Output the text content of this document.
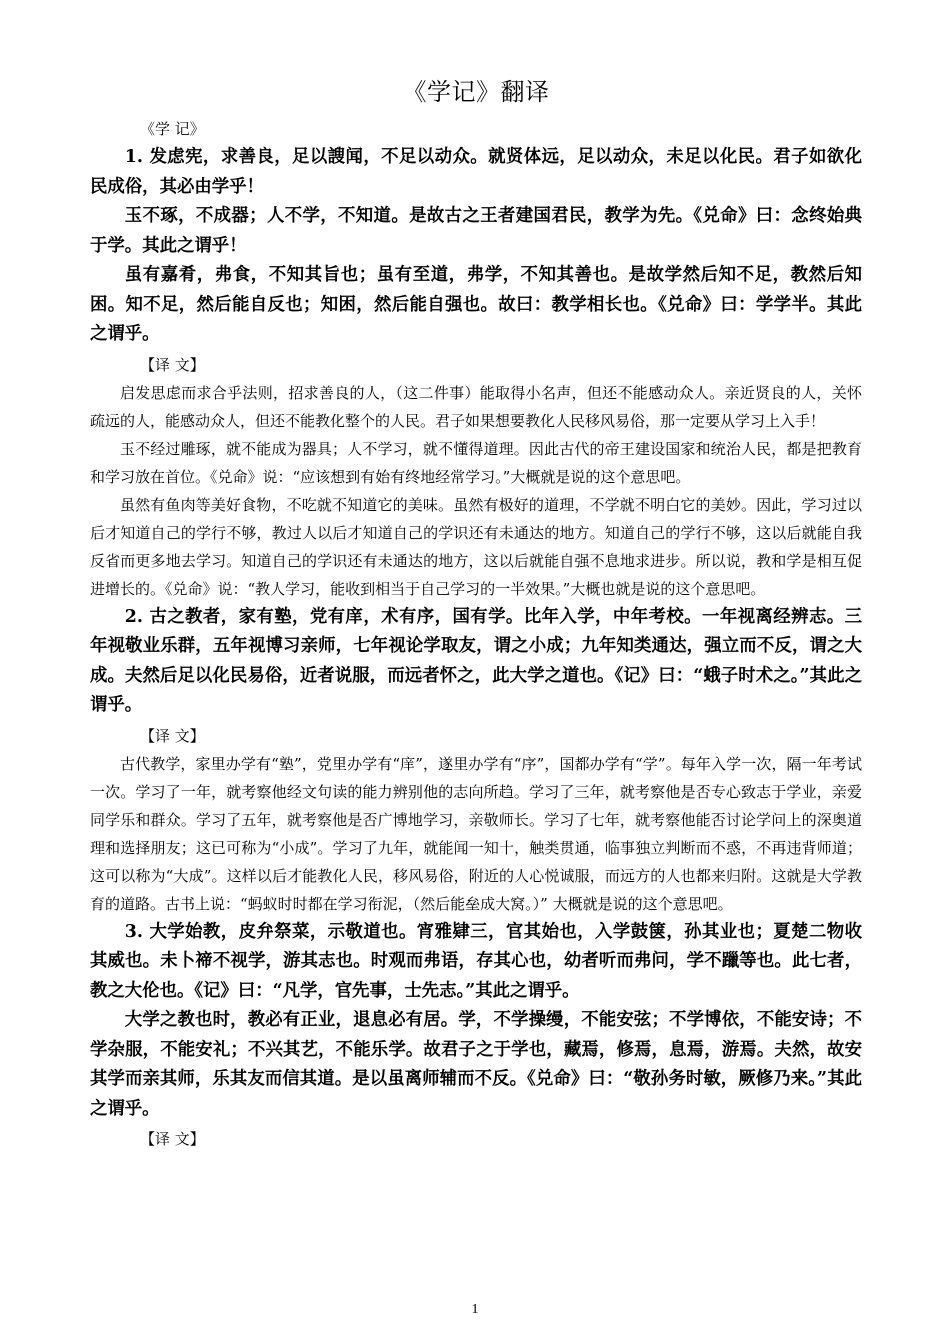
《学记》翻译
《学 记》

1. 发虑宪，求善良，足以謏闻，不足以动众。就贤体远，足以动众，未足以化民。君子如欲化民成俗，其必由学乎！

玉不琢，不成器；人不学，不知道。是故古之王者建国君民，教学为先。《兑命》曰：念终始典于学。其此之谓乎！

虽有嘉肴，弗食，不知其旨也；虽有至道，弗学，不知其善也。是故学然后知不足，教然后知困。知不足，然后能自反也；知困，然后能自强也。故曰：教学相长也。《兑命》曰：学学半。其此之谓乎。

【译 文】

启发思虑而求合乎法则，招求善良的人，（这二件事）能取得小名声，但还不能感动众人。亲近贤良的人，关怀疏远的人，能感动众人，但还不能教化整个的人民。君子如果想要教化人民移风易俗，那一定要从学习上入手！

玉不经过雕琢，就不能成为器具；人不学习，就不懂得道理。因此古代的帝王建设国家和统治人民，都是把教育和学习放在首位。《兑命》说：“应该想到有始有终地经常学习。”大概就是说的这个意思吧。

虽然有鱼肉等美好食物，不吃就不知道它的美味。虽然有极好的道理，不学就不明白它的美妙。因此，学习过以后才知道自己的学行不够，教过人以后才知道自己的学识还有未通达的地方。知道自己的学行不够，这以后就能自我反省而更多地去学习。知道自己的学识还有未通达的地方，这以后就能自强不息地求进步。所以说，教和学是相互促进增长的。《兑命》说：“教人学习，能收到相当于自己学习的一半效果。”大概也就是说的这个意思吧。

2. 古之教者，家有塾，党有庠，术有序，国有学。比年入学，中年考校。一年视离经辨志。三年视敬业乐群，五年视博习亲师，七年视论学取友，谓之小成；九年知类通达，强立而不反，谓之大成。夫然后足以化民易俗，近者说服，而远者怀之，此大学之道也。《记》曰：“蛾子时术之。”其此之谓乎。

【译 文】

古代教学，家里办学有“塾”，党里办学有“庠”，遂里办学有“序”，国都办学有“学”。每年入学一次，隔一年考试一次。学习了一年，就考察他经文句读的能力辨别他的志向所趋。学习了三年，就考察他是否专心致志于学业，亲爱同学乐和群众。学习了五年，就考察他是否广博地学习，亲敬师长。学习了七年，就考察他能否讨论学问上的深奥道理和选择朋友；这已可称为“小成”。学习了九年，就能闻一知十，触类贯通，临事独立判断而不惑，不再违背师道；这可以称为“大成”。这样以后才能教化人民，移风易俗，附近的人心悦诚服，而远方的人也都来归附。这就是大学教育的道路。古书上说：“蚂蚁时时都在学习衔泥，（然后能垒成大窝。）” 大概就是说的这个意思吧。

3. 大学始教，皮弁祭菜，示敬道也。宵雅肄三，官其始也，入学鼓箧，孙其业也；夏楚二物收其威也。未卜禘不视学，游其志也。时观而弗语，存其心也，幼者听而弗问，学不躐等也。此七者，教之大伦也。《记》曰：“凡学，官先事，士先志。”其此之谓乎。

大学之教也时，教必有正业，退息必有居。学，不学操缦，不能安弦；不学博依，不能安诗；不学杂服，不能安礼；不兴其艺，不能乐学。故君子之于学也，藏焉，修焉，息焉，游焉。夫然，故安其学而亲其师，乐其友而信其道。是以虽离师辅而不反。《兑命》曰：“敬孙务时敏，厥修乃来。”其此之谓乎。

【译 文】
1
